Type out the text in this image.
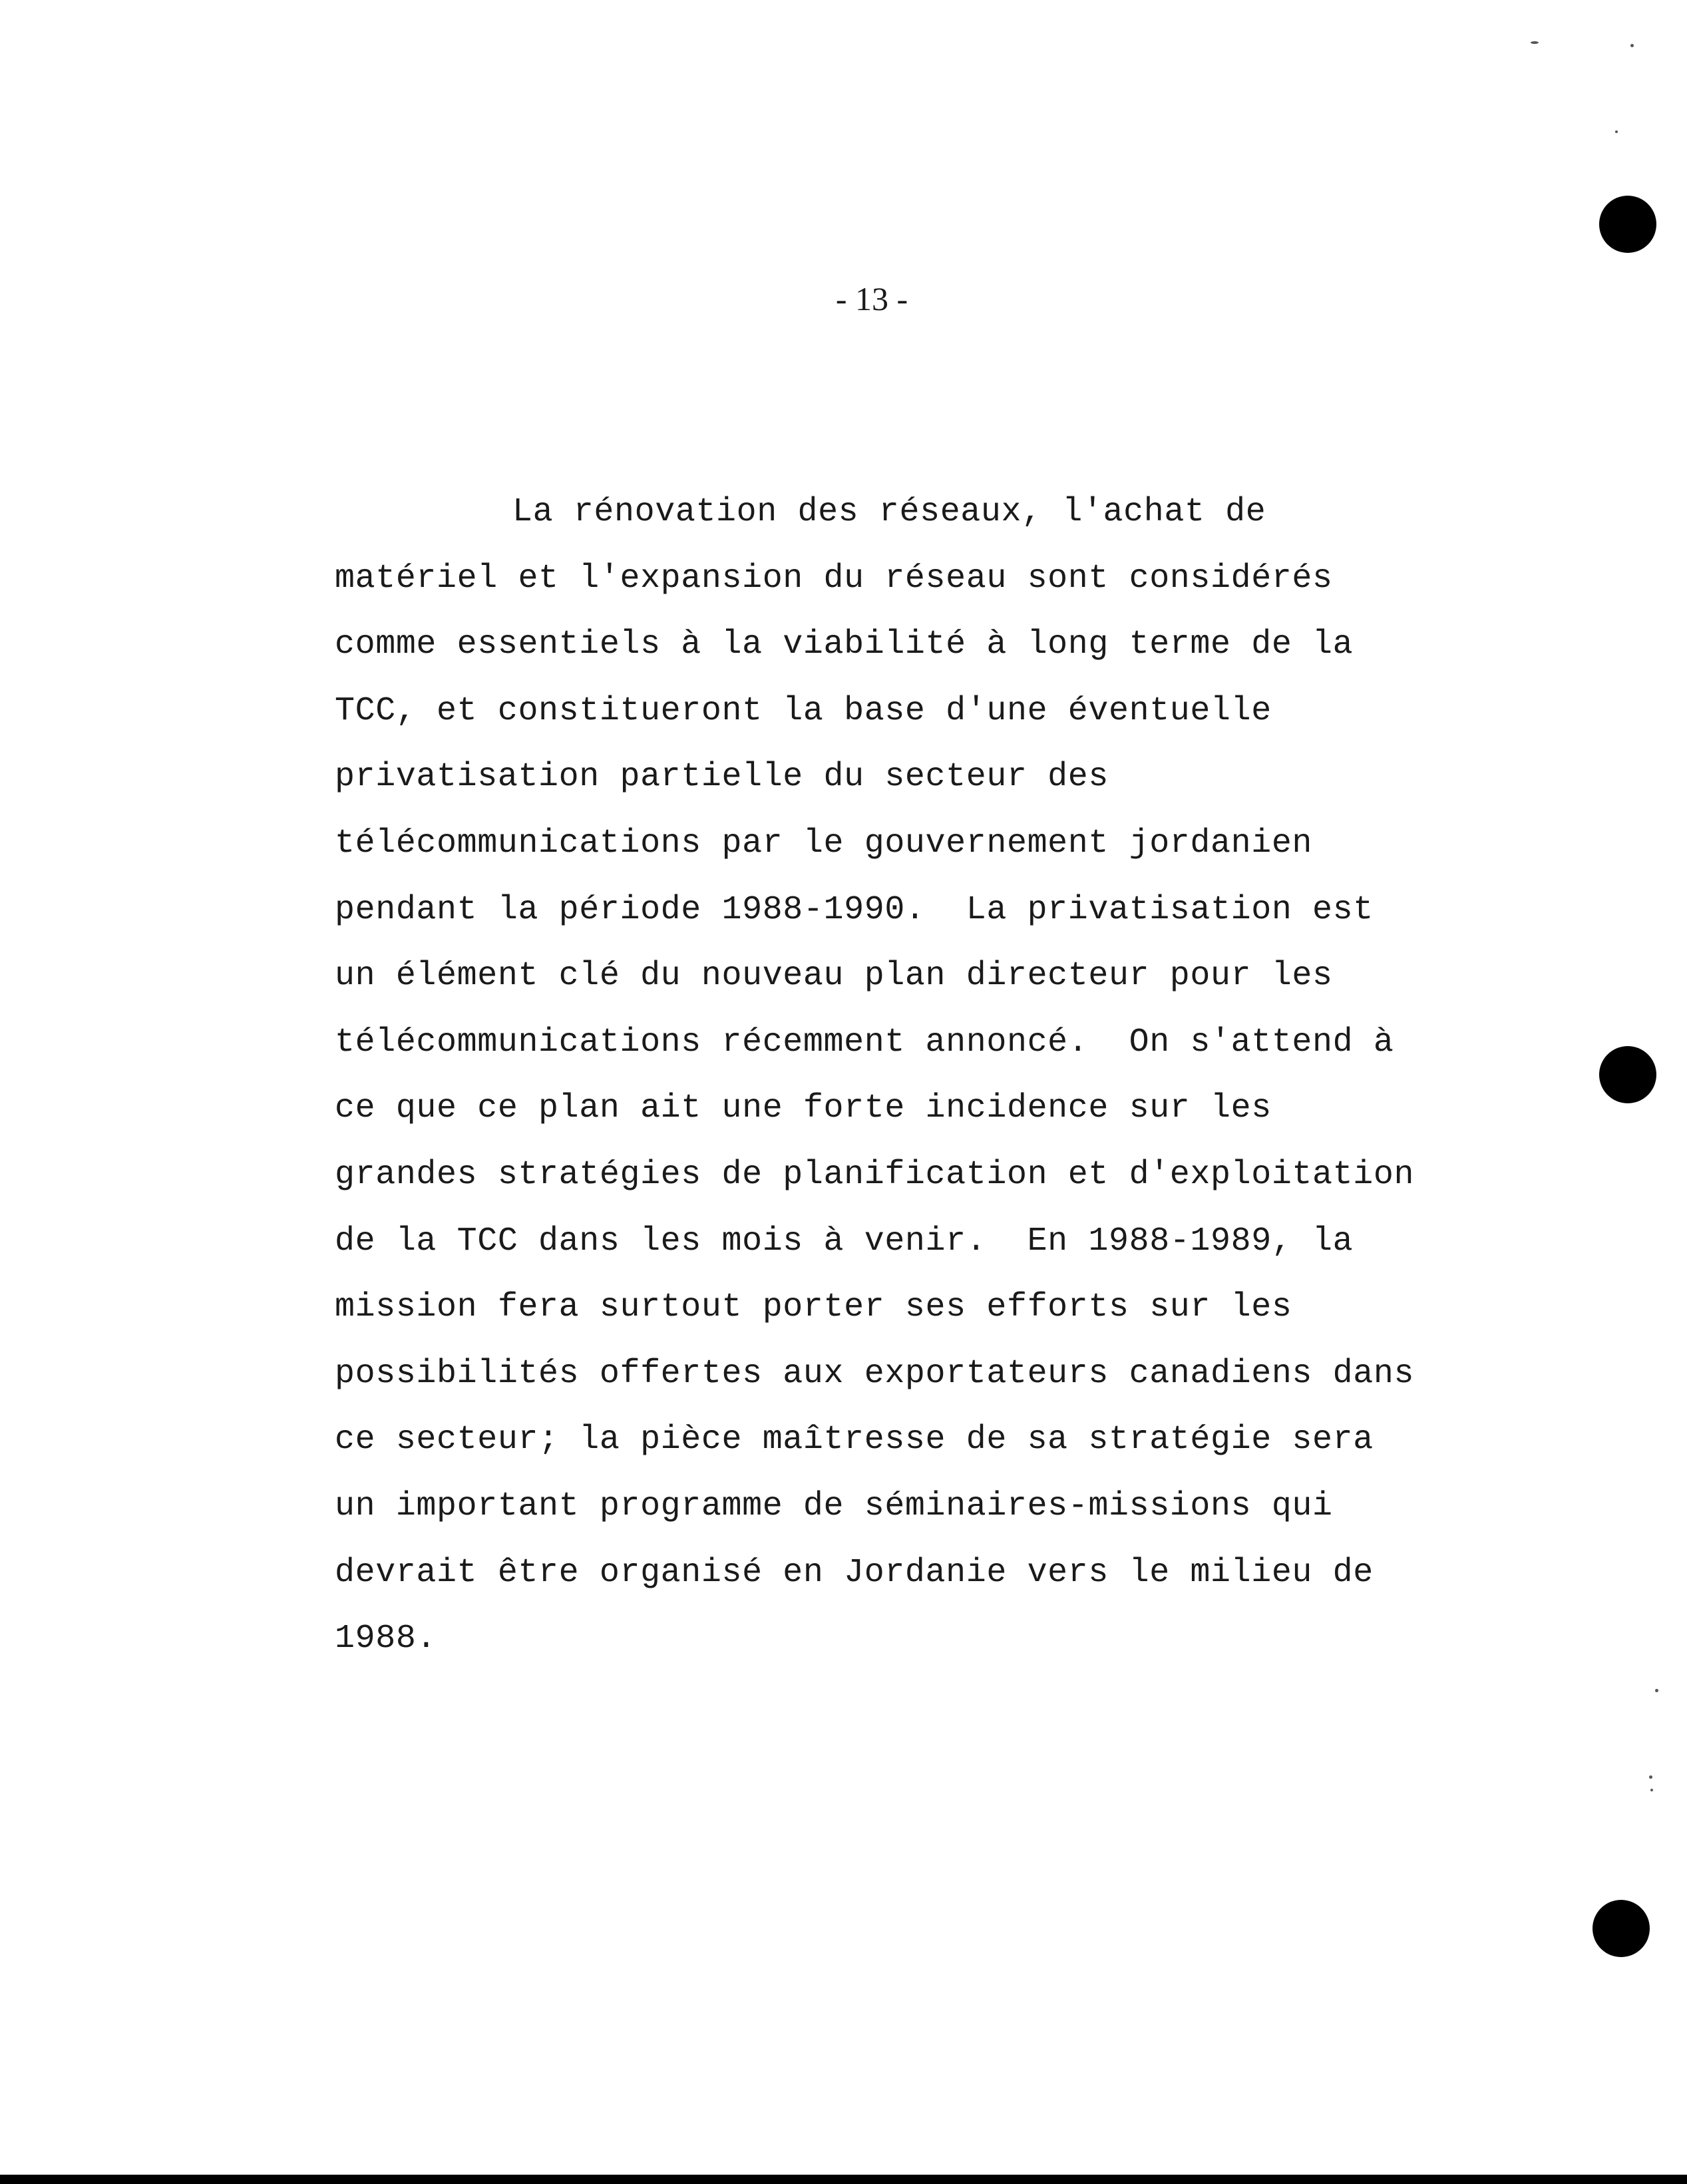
- 13 -
La rénovation des réseaux, l'achat de
matériel et l'expansion du réseau sont considérés
comme essentiels à la viabilité à long terme de la
TCC, et constitueront la base d'une éventuelle
privatisation partielle du secteur des
télécommunications par le gouvernement jordanien
pendant la période 1988-1990.  La privatisation est
un élément clé du nouveau plan directeur pour les
télécommunications récemment annoncé.  On s'attend à
ce que ce plan ait une forte incidence sur les
grandes stratégies de planification et d'exploitation
de la TCC dans les mois à venir.  En 1988-1989, la
mission fera surtout porter ses efforts sur les
possibilités offertes aux exportateurs canadiens dans
ce secteur; la pièce maîtresse de sa stratégie sera
un important programme de séminaires-missions qui
devrait être organisé en Jordanie vers le milieu de
1988.
